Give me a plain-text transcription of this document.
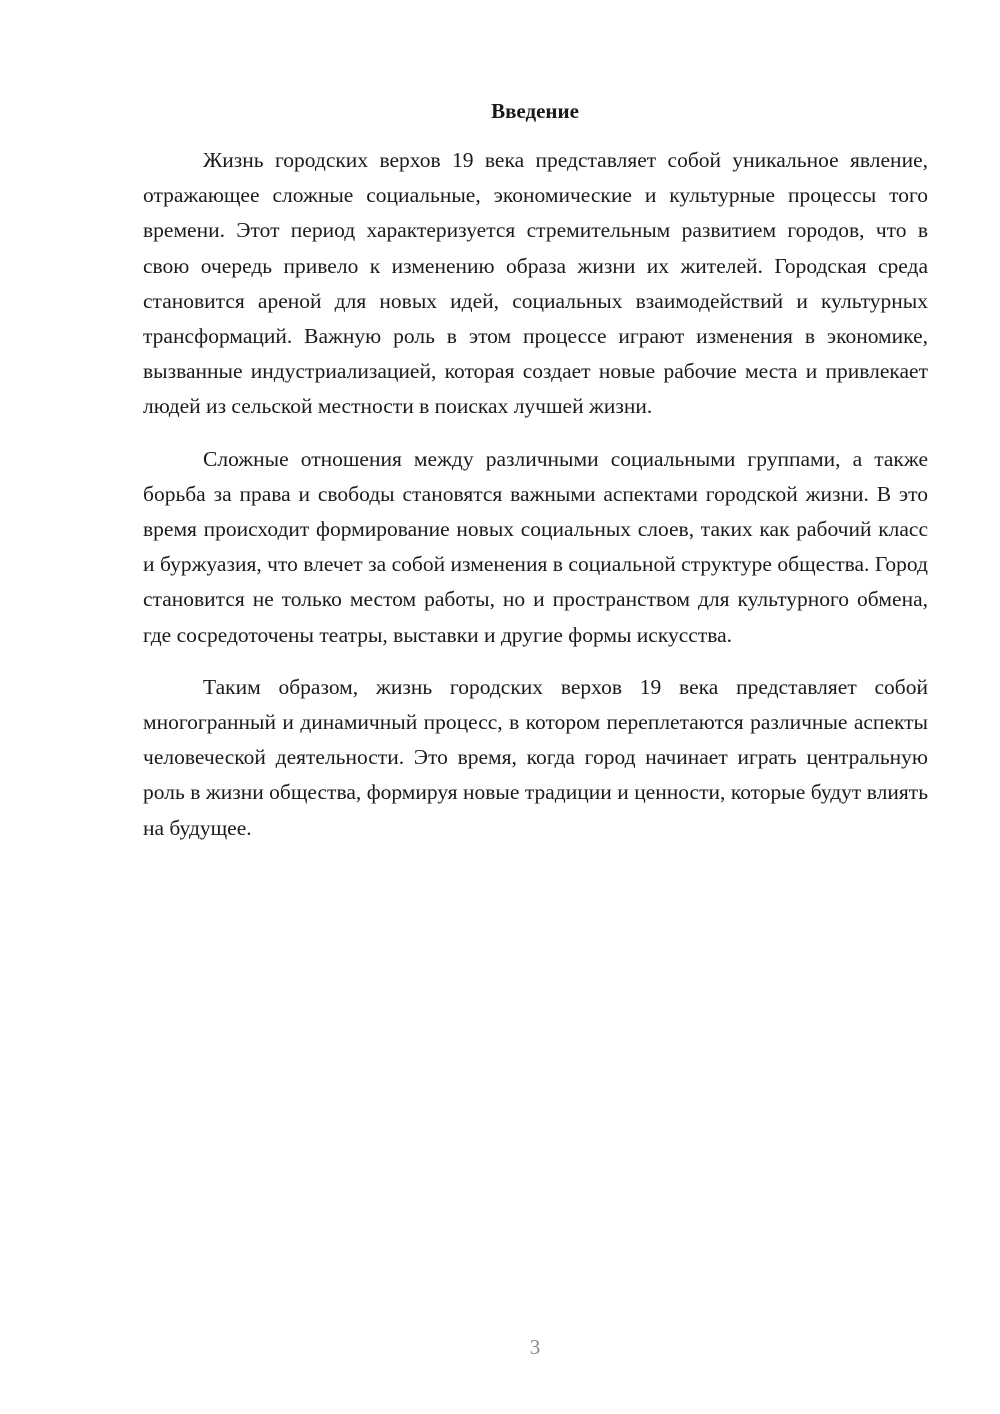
Введение

Жизнь городских верхов 19 века представляет собой уникальное явление, отражающее сложные социальные, экономические и культурные процессы того времени. Этот период характеризуется стремительным развитием городов, что в свою очередь привело к изменению образа жизни их жителей. Городская среда становится ареной для новых идей, социальных взаимодействий и культурных трансформаций. Важную роль в этом процессе играют изменения в экономике, вызванные индустриализацией, которая создает новые рабочие места и привлекает людей из сельской местности в поисках лучшей жизни.

Сложные отношения между различными социальными группами, а также борьба за права и свободы становятся важными аспектами городской жизни. В это время происходит формирование новых социальных слоев, таких как рабочий класс и буржуазия, что влечет за собой изменения в социальной структуре общества. Город становится не только местом работы, но и пространством для культурного обмена, где сосредоточены театры, выставки и другие формы искусства.

Таким образом, жизнь городских верхов 19 века представляет собой многогранный и динамичный процесс, в котором переплетаются различные аспекты человеческой деятельности. Это время, когда город начинает играть центральную роль в жизни общества, формируя новые традиции и ценности, которые будут влиять на будущее.

3
